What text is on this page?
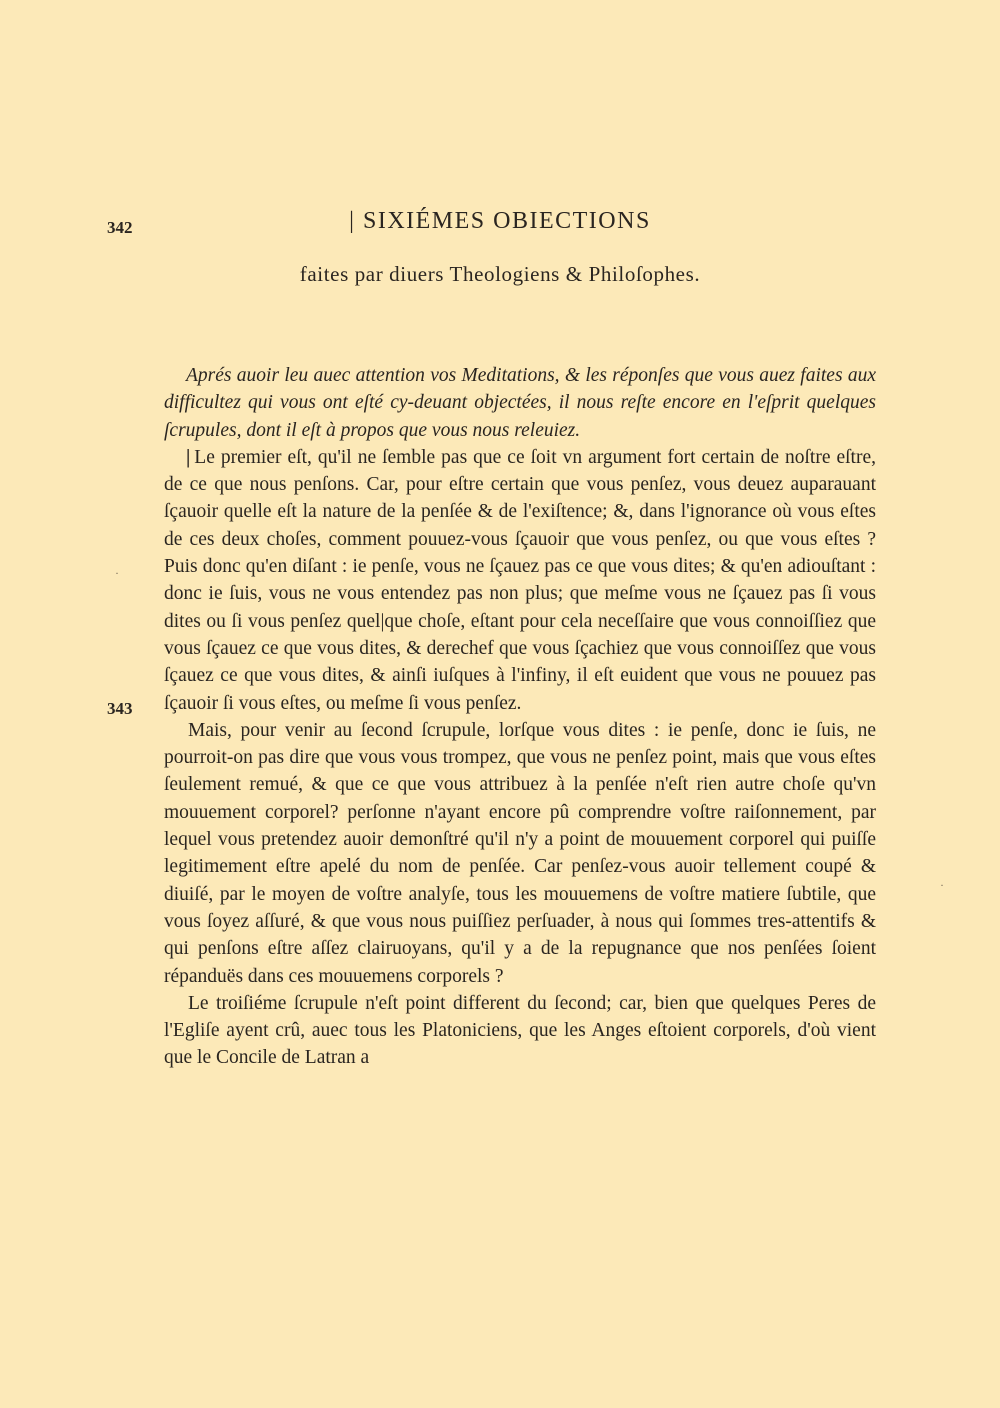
342
343
| SIXIÉMES OBIECTIONS
faites par diuers Theologiens & Philoſophes.

Aprés auoir leu auec attention vos Meditations, & les réponſes que vous auez faites aux difficultez qui vous ont eſté cy-deuant objectées, il nous reſte encore en l'eſprit quelques ſcrupules, dont il eſt à propos que vous nous releuiez.

| Le premier eſt, qu'il ne ſemble pas que ce ſoit vn argument fort certain de noſtre eſtre, de ce que nous penſons. Car, pour eſtre certain que vous penſez, vous deuez auparauant ſçauoir quelle eſt la nature de la penſée & de l'exiſtence; &, dans l'ignorance où vous eſtes de ces deux choſes, comment pouuez-vous ſçauoir que vous penſez, ou que vous eſtes ? Puis donc qu'en diſant : ie penſe, vous ne ſçauez pas ce que vous dites; & qu'en adiouſtant : donc ie ſuis, vous ne vous entendez pas non plus; que meſme vous ne ſçauez pas ſi vous dites ou ſi vous penſez quel|que choſe, eſtant pour cela neceſſaire que vous connoiſſiez que vous ſçauez ce que vous dites, & derechef que vous ſçachiez que vous connoiſſez que vous ſçauez ce que vous dites, & ainſi iuſques à l'infiny, il eſt euident que vous ne pouuez pas ſçauoir ſi vous eſtes, ou meſme ſi vous penſez.

Mais, pour venir au ſecond ſcrupule, lorſque vous dites : ie penſe, donc ie ſuis, ne pourroit-on pas dire que vous vous trompez, que vous ne penſez point, mais que vous eſtes ſeulement remué, & que ce que vous attribuez à la penſée n'eſt rien autre choſe qu'vn mouuement corporel? perſonne n'ayant encore pû comprendre voſtre raiſonnement, par lequel vous pretendez auoir demonſtré qu'il n'y a point de mouuement corporel qui puiſſe legitimement eſtre apelé du nom de penſée. Car penſez-vous auoir tellement coupé & diuiſé, par le moyen de voſtre analyſe, tous les mouuemens de voſtre matiere ſubtile, que vous ſoyez aſſuré, & que vous nous puiſſiez perſuader, à nous qui ſommes tres-attentifs & qui penſons eſtre aſſez clairuoyans, qu'il y a de la repugnance que nos penſées ſoient répanduës dans ces mouuemens corporels ?

Le troiſiéme ſcrupule n'eſt point different du ſecond; car, bien que quelques Peres de l'Egliſe ayent crû, auec tous les Platoniciens, que les Anges eſtoient corporels, d'où vient que le Concile de Latran a

·
·
